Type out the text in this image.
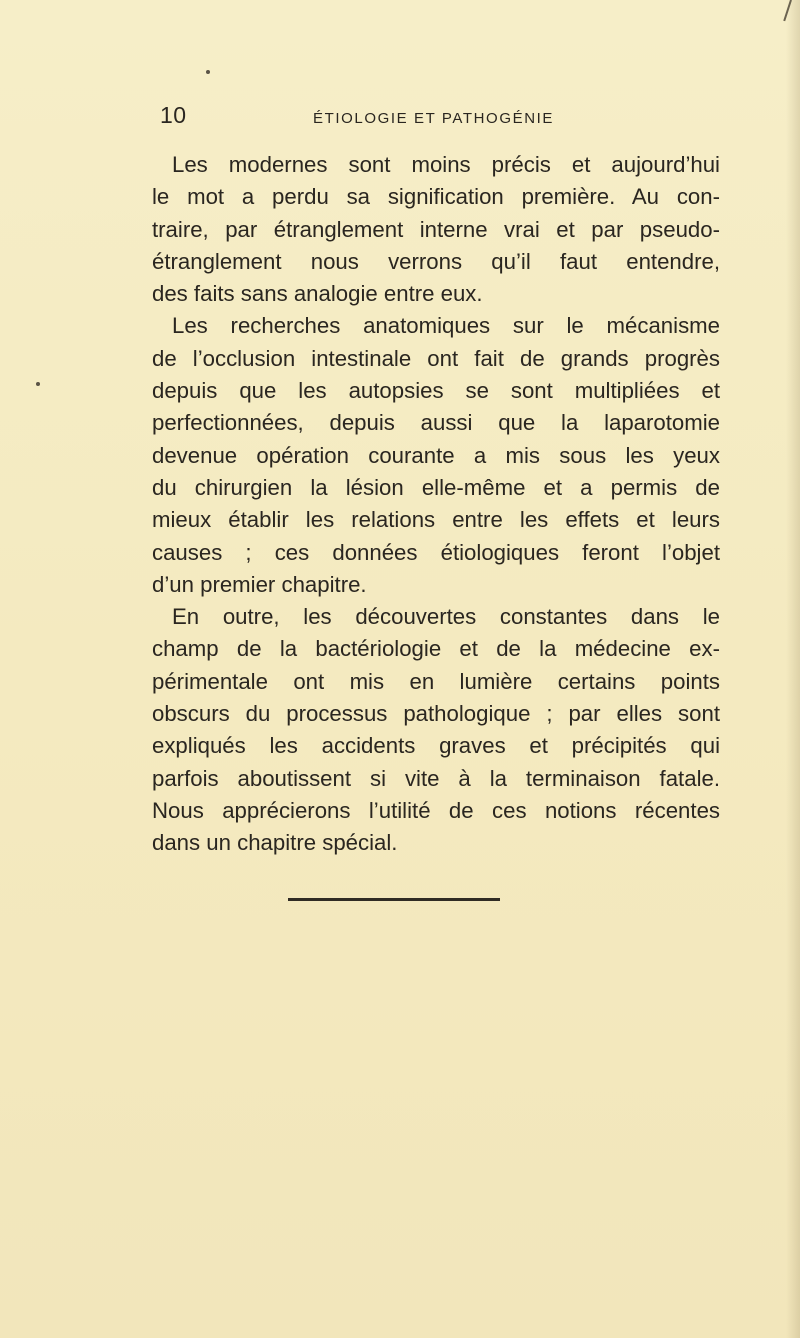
10	ÉTIOLOGIE ET PATHOGÉNIE
Les modernes sont moins précis et aujourd’hui
le mot a perdu sa signification première. Au con-
traire, par étranglement interne vrai et par pseudo-
étranglement nous verrons qu’il faut entendre,
des faits sans analogie entre eux.
Les recherches anatomiques sur le mécanisme
de l’occlusion intestinale ont fait de grands progrès
depuis que les autopsies se sont multipliées et
perfectionnées, depuis aussi que la laparotomie
devenue opération courante a mis sous les yeux
du chirurgien la lésion elle-même et a permis de
mieux établir les relations entre les effets et leurs
causes ; ces données étiologiques feront l’objet
d’un premier chapitre.
En outre, les découvertes constantes dans le
champ de la bactériologie et de la médecine ex-
périmentale ont mis en lumière certains points
obscurs du processus pathologique ; par elles sont
expliqués les accidents graves et précipités qui
parfois aboutissent si vite à la terminaison fatale.
Nous apprécierons l’utilité de ces notions récentes
dans un chapitre spécial.
